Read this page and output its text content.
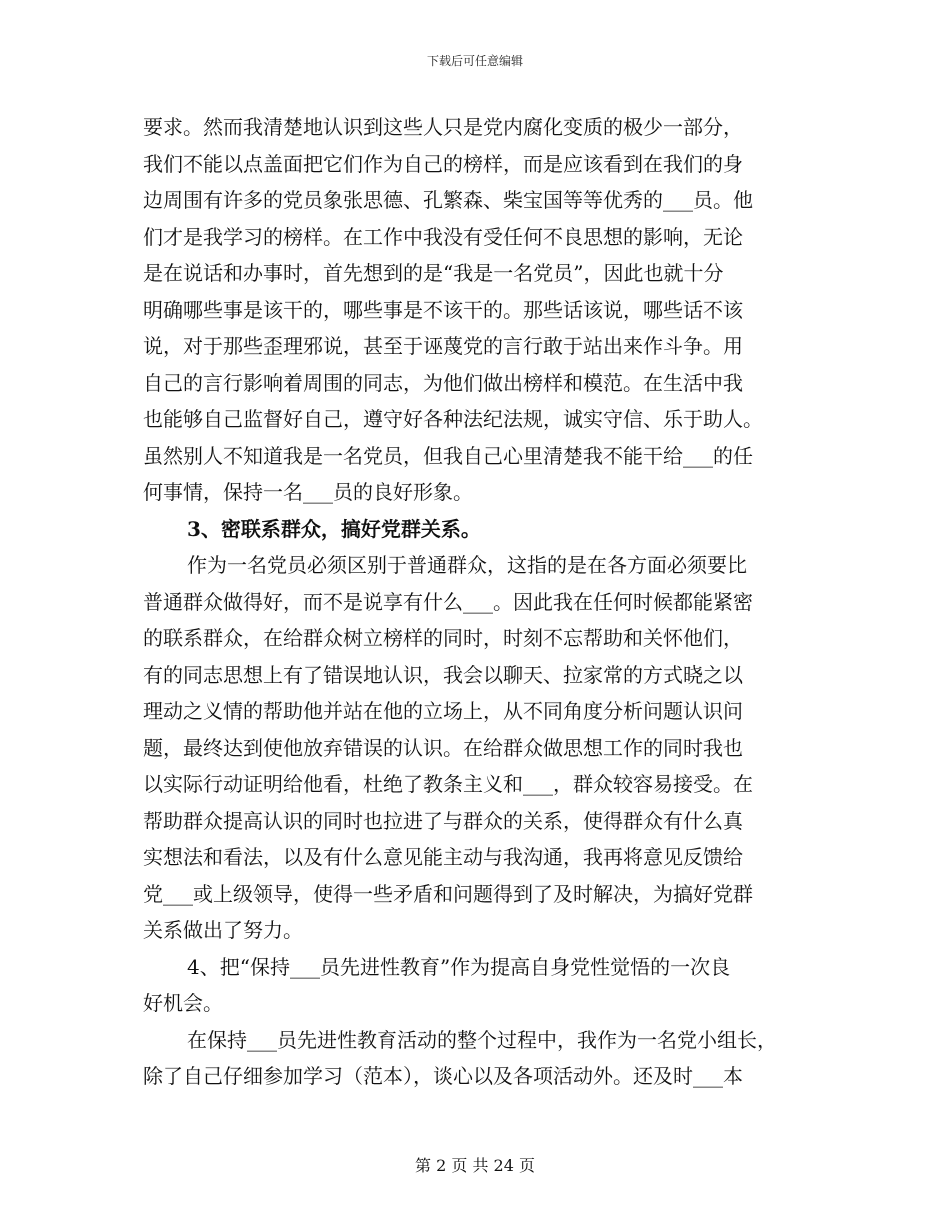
下载后可任意编辑
要求。然而我清楚地认识到这些人只是党内腐化变质的极少一部分，
我们不能以点盖面把它们作为自己的榜样，而是应该看到在我们的身
边周围有许多的党员象张思德、孔繁森、柴宝国等等优秀的___员。他
们才是我学习的榜样。在工作中我没有受任何不良思想的影响，无论
是在说话和办事时，首先想到的是“我是一名党员”，因此也就十分
明确哪些事是该干的，哪些事是不该干的。那些话该说，哪些话不该
说，对于那些歪理邪说，甚至于诬蔑党的言行敢于站出来作斗争。用
自己的言行影响着周围的同志，为他们做出榜样和模范。在生活中我
也能够自己监督好自己，遵守好各种法纪法规，诚实守信、乐于助人。
虽然别人不知道我是一名党员，但我自己心里清楚我不能干给___的任
何事情，保持一名___员的良好形象。
3、密联系群众，搞好党群关系。
作为一名党员必须区别于普通群众，这指的是在各方面必须要比
普通群众做得好，而不是说享有什么___。因此我在任何时候都能紧密
的联系群众，在给群众树立榜样的同时，时刻不忘帮助和关怀他们，
有的同志思想上有了错误地认识，我会以聊天、拉家常的方式晓之以
理动之义情的帮助他并站在他的立场上，从不同角度分析问题认识问
题，最终达到使他放弃错误的认识。在给群众做思想工作的同时我也
以实际行动证明给他看，杜绝了教条主义和___，群众较容易接受。在
帮助群众提高认识的同时也拉进了与群众的关系，使得群众有什么真
实想法和看法，以及有什么意见能主动与我沟通，我再将意见反馈给
党___或上级领导，使得一些矛盾和问题得到了及时解决，为搞好党群
关系做出了努力。
4、把“保持___员先进性教育”作为提高自身党性觉悟的一次良
好机会。
在保持___员先进性教育活动的整个过程中，我作为一名党小组长，
除了自己仔细参加学习（范本），谈心以及各项活动外。还及时___本
第 2 页 共 24 页
